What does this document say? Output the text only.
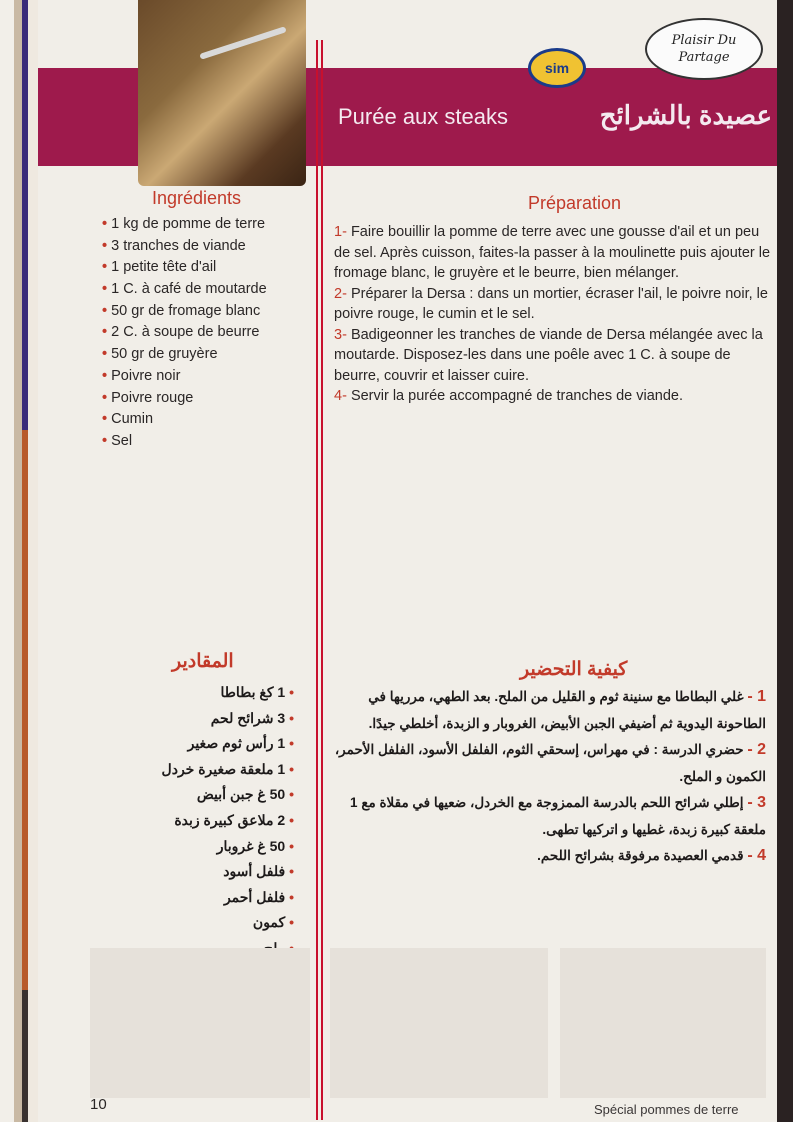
sim
Plaisir Du
Partage
Purée aux steaks	عصيدة بالشرائح
Ingrédients
• 1 kg de pomme de terre
• 3 tranches de viande
• 1 petite tête d'ail
• 1 C. à café de moutarde
• 50 gr de fromage blanc
• 2 C. à soupe de beurre
• 50 gr de gruyère
• Poivre noir
• Poivre rouge
• Cumin
• Sel
Préparation

1- Faire bouillir la pomme de terre avec une gousse d'ail et un peu de sel. Après cuisson, faites-la passer à la moulinette puis ajouter le fromage blanc, le gruyère et le beurre, bien mélanger.

2- Préparer la Dersa : dans un mortier, écraser l'ail, le poivre noir, le poivre rouge, le cumin et le sel.

3- Badigeonner les tranches de viande de Dersa mélangée avec la moutarde. Disposez-les dans une poêle avec 1 C. à soupe de beurre, couvrir et laisser cuire.

4- Servir la purée accompagné de tranches de viande.

المقادير
• 1 كغ بطاطا
• 3 شرائح لحم
• 1 رأس ثوم صغير
• 1 ملعقة صغيرة خردل
• 50 غ جبن أبيض
• 2 ملاعق كبيرة زبدة
• 50 غ غروبار
• فلفل أسود
• فلفل أحمر
• كمون
•
كيفية التحضير

1 - غلي البطاطا مع سنينة ثوم و القليل من الملح. بعد الطهي، مرريها في الطاحونة اليدوية ثم أضيفي الجبن الأبيض، الغروبار و الزبدة، أخلطي جيدًا.

2 - حضري الدرسة : في مهراس، إسحقي الثوم، الفلفل الأسود، الفلفل الأحمر، الكمون و الملح.

3 - إطلي شرائح اللحم بالدرسة الممزوجة مع الخردل، ضعيها في مقلاة مع 1 ملعقة كبيرة زبدة، غطيها و اتركيها تطهى.

4 - قدمي العصيدة مرفوقة بشرائح اللحم.

10	Spécial pommes de terre
